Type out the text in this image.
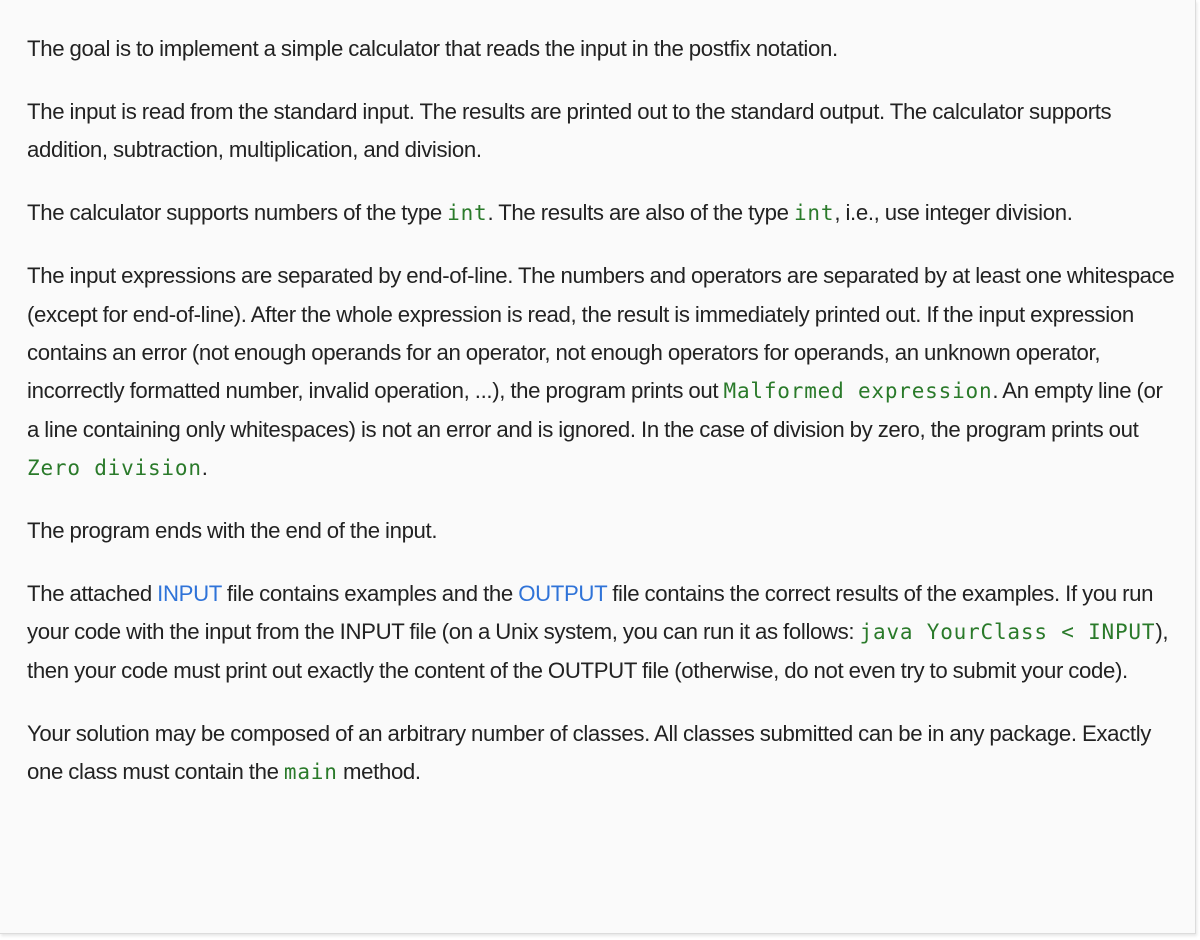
The goal is to implement a simple calculator that reads the input in the postfix notation.

The input is read from the standard input. The results are printed out to the standard output. The calculator supports addition, subtraction, multiplication, and division.

The calculator supports numbers of the type int. The results are also of the type int, i.e., use integer division.

The input expressions are separated by end-of-line. The numbers and operators are separated by at least one whitespace (except for end-of-line). After the whole expression is read, the result is immediately printed out. If the input expression contains an error (not enough operands for an operator, not enough operators for operands, an unknown operator, incorrectly formatted number, invalid operation, ...), the program prints out Malformed expression. An empty line (or a line containing only whitespaces) is not an error and is ignored. In the case of division by zero, the program prints out Zero division.

The program ends with the end of the input.

The attached INPUT file contains examples and the OUTPUT file contains the correct results of the examples. If you run your code with the input from the INPUT file (on a Unix system, you can run it as follows: java YourClass < INPUT), then your code must print out exactly the content of the OUTPUT file (otherwise, do not even try to submit your code).

Your solution may be composed of an arbitrary number of classes. All classes submitted can be in any package. Exactly one class must contain the main method.
